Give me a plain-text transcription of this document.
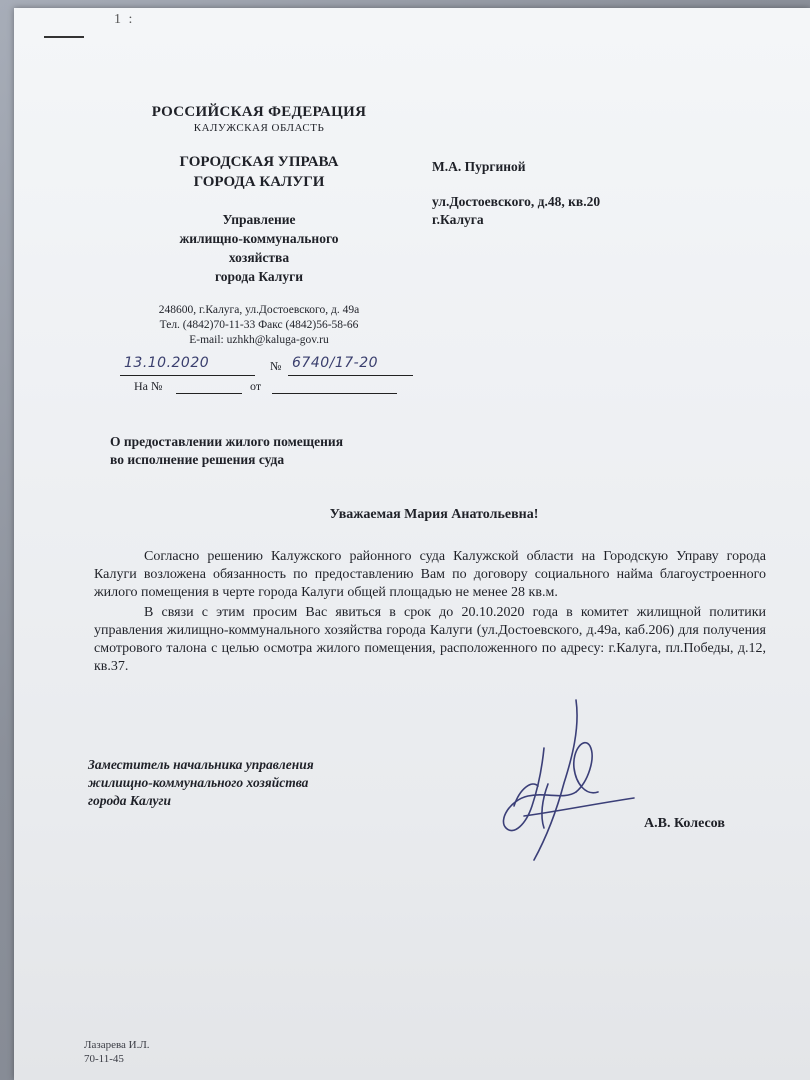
1 :
РОССИЙСКАЯ ФЕДЕРАЦИЯ
КАЛУЖСКАЯ ОБЛАСТЬ
ГОРОДСКАЯ УПРАВА
ГОРОДА КАЛУГИ
Управление
жилищно-коммунального
хозяйства
города Калуги
248600, г.Калуга, ул.Достоевского, д. 49а
Тел. (4842)70-11-33 Факс (4842)56-58-66
E-mail: uzhkh@kaluga-gov.ru
13.10.2020	№ 6740/17-20
На №	от
М.А. Пургиной
ул.Достоевского, д.48, кв.20
г.Калуга
О предоставлении жилого помещения
во исполнение решения суда
Уважаемая Мария Анатольевна!

Согласно решению Калужского районного суда Калужской области на Городскую Управу города Калуги возложена обязанность по предоставлению Вам по договору социального найма благоустроенного жилого помещения в черте города Калуги общей площадью не менее 28 кв.м.

В связи с этим просим Вас явиться в срок до 20.10.2020 года в комитет жилищной политики управления жилищно-коммунального хозяйства города Калуги (ул.Достоевского, д.49а, каб.206) для получения смотрового талона с целью осмотра жилого помещения, расположенного по адресу: г.Калуга, пл.Победы, д.12, кв.37.

Заместитель начальника управления
жилищно-коммунального хозяйства
города Калуги
А.В. Колесов
Лазарева И.Л.
70-11-45
